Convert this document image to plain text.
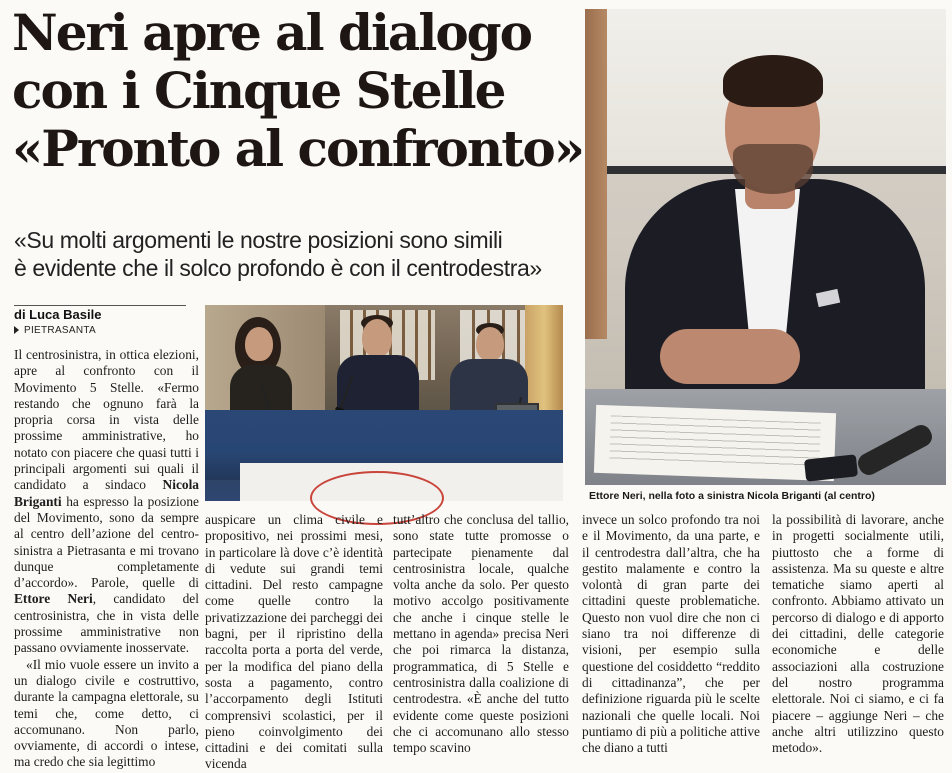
Neri apre al dialogo
con i Cinque Stelle
«Pronto al confronto»
«Su molti argomenti le nostre posizioni sono simili
è evidente che il solco profondo è con il centrodestra»
di Luca Basile
PIETRASANTA

Il centrosinistra, in ottica elezioni, apre al confronto con il Movimento 5 Stelle. «Fermo restando che ognuno farà la propria corsa in vista delle prossime amministrative, ho notato con piacere che quasi tutti i principali argomenti sui quali il candidato a sindaco Nicola Briganti ha espresso la posizione del Movimento, sono da sempre al centro dell’azione del centro-sinistra a Pietrasanta e mi trovano dunque completamente d’accordo». Parole, quelle di Ettore Neri, candidato del centrosinistra, che in vista delle prossime amministrative non passano ovviamente inosservate.

«Il mio vuole essere un invito a un dialogo civile e costruttivo, durante la campagna elettorale, su temi che, come detto, ci accomunano. Non parlo, ovviamente, di accordi o intese, ma credo che sia legittimo

Ettore Neri, nella foto a sinistra Nicola Briganti (al centro)

auspicare un clima civile e propositivo, nei prossimi mesi, in particolare là dove c’è identità di vedute sui grandi temi cittadini. Del resto campagne come quelle contro la privatizzazione dei parcheggi dei bagni, per il ripristino della raccolta porta a porta del verde, per la modifica del piano della sosta a pagamento, contro l’accorpamento degli Istituti comprensivi scolastici, per il pieno coinvolgimento dei cittadini e dei comitati sulla vicenda

tutt’altro che conclusa del tallio, sono state tutte promosse o partecipate pienamente dal centrosinistra locale, qualche volta anche da solo. Per questo motivo accolgo positivamente che anche i cinque stelle le mettano in agenda» precisa Neri che poi rimarca la distanza, programmatica, di 5 Stelle e centrosinistra dalla coalizione di centrodestra. «È anche del tutto evidente come queste posizioni che ci accomunano allo stesso tempo scavino

invece un solco profondo tra noi e il Movimento, da una parte, e il centrodestra dall’altra, che ha gestito malamente e contro la volontà di gran parte dei cittadini queste problematiche. Questo non vuol dire che non ci siano tra noi differenze di visioni, per esempio sulla questione del cosiddetto “reddito di cittadinanza”, che per definizione riguarda più le scelte nazionali che quelle locali. Noi puntiamo di più a politiche attive che diano a tutti

la possibilità di lavorare, anche in progetti socialmente utili, piuttosto che a forme di assistenza. Ma su queste e altre tematiche siamo aperti al confronto. Abbiamo attivato un percorso di dialogo e di apporto dei cittadini, delle categorie economiche e delle associazioni alla costruzione del nostro programma elettorale. Noi ci siamo, e ci fa piacere – aggiunge Neri – che anche altri utilizzino questo metodo».
